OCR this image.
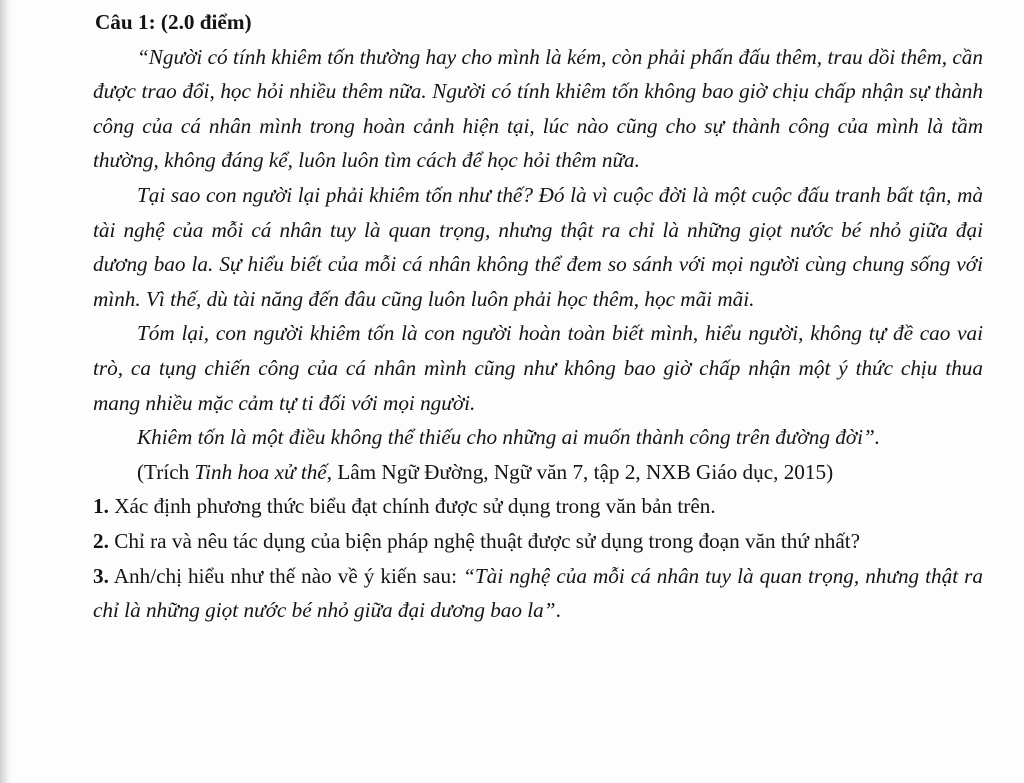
Câu 1: (2.0 điểm)

“Người có tính khiêm tốn thường hay cho mình là kém, còn phải phấn đấu thêm, trau dồi thêm, cần được trao đổi, học hỏi nhiều thêm nữa. Người có tính khiêm tốn không bao giờ chịu chấp nhận sự thành công của cá nhân mình trong hoàn cảnh hiện tại, lúc nào cũng cho sự thành công của mình là tầm thường, không đáng kể, luôn luôn tìm cách để học hỏi thêm nữa.

Tại sao con người lại phải khiêm tốn như thế? Đó là vì cuộc đời là một cuộc đấu tranh bất tận, mà tài nghệ của mỗi cá nhân tuy là quan trọng, nhưng thật ra chỉ là những giọt nước bé nhỏ giữa đại dương bao la. Sự hiểu biết của mỗi cá nhân không thể đem so sánh với mọi người cùng chung sống với mình. Vì thế, dù tài năng đến đâu cũng luôn luôn phải học thêm, học mãi mãi.

Tóm lại, con người khiêm tốn là con người hoàn toàn biết mình, hiểu người, không tự đề cao vai trò, ca tụng chiến công của cá nhân mình cũng như không bao giờ chấp nhận một ý thức chịu thua mang nhiều mặc cảm tự ti đối với mọi người.

Khiêm tốn là một điều không thể thiếu cho những ai muốn thành công trên đường đời”.

(Trích Tinh hoa xử thế, Lâm Ngữ Đường, Ngữ văn 7, tập 2, NXB Giáo dục, 2015)

1. Xác định phương thức biểu đạt chính được sử dụng trong văn bản trên.

2. Chỉ ra và nêu tác dụng của biện pháp nghệ thuật được sử dụng trong đoạn văn thứ nhất?

3. Anh/chị hiểu như thế nào về ý kiến sau: “Tài nghệ của mỗi cá nhân tuy là quan trọng, nhưng thật ra chỉ là những giọt nước bé nhỏ giữa đại dương bao la”.
